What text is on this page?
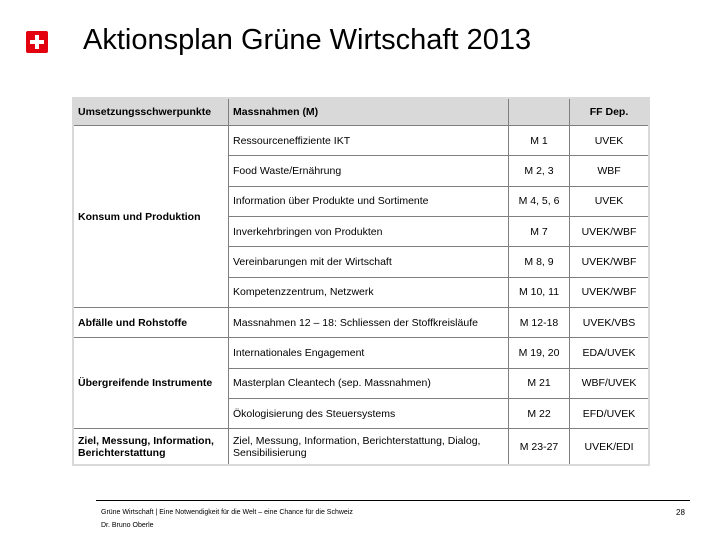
Aktionsplan Grüne Wirtschaft 2013
Umsetzungsschwerpunkte	Massnahmen (M)		FF Dep.
Konsum und Produktion	Ressourceneffiziente IKT	M 1	UVEK
	Food Waste/Ernährung	M 2, 3	WBF
	Information über Produkte und Sortimente	M 4, 5, 6	UVEK
	Inverkehrbringen von Produkten	M 7	UVEK/WBF
	Vereinbarungen mit der Wirtschaft	M 8, 9	UVEK/WBF
	Kompetenzzentrum, Netzwerk	M 10, 11	UVEK/WBF
Abfälle und Rohstoffe	Massnahmen 12 – 18: Schliessen der Stoffkreisläufe	M 12-18	UVEK/VBS
Übergreifende Instrumente	Internationales Engagement	M 19, 20	EDA/UVEK
	Masterplan Cleantech (sep. Massnahmen)	M 21	WBF/UVEK
	Ökologisierung des Steuersystems	M 22	EFD/UVEK
Ziel, Messung, Information, Berichterstattung	Ziel, Messung, Information, Berichterstattung, Dialog, Sensibilisierung	M 23-27	UVEK/EDI
Grüne Wirtschaft | Eine Notwendigkeit für die Welt – eine Chance für die Schweiz
Dr. Bruno Oberle
28
